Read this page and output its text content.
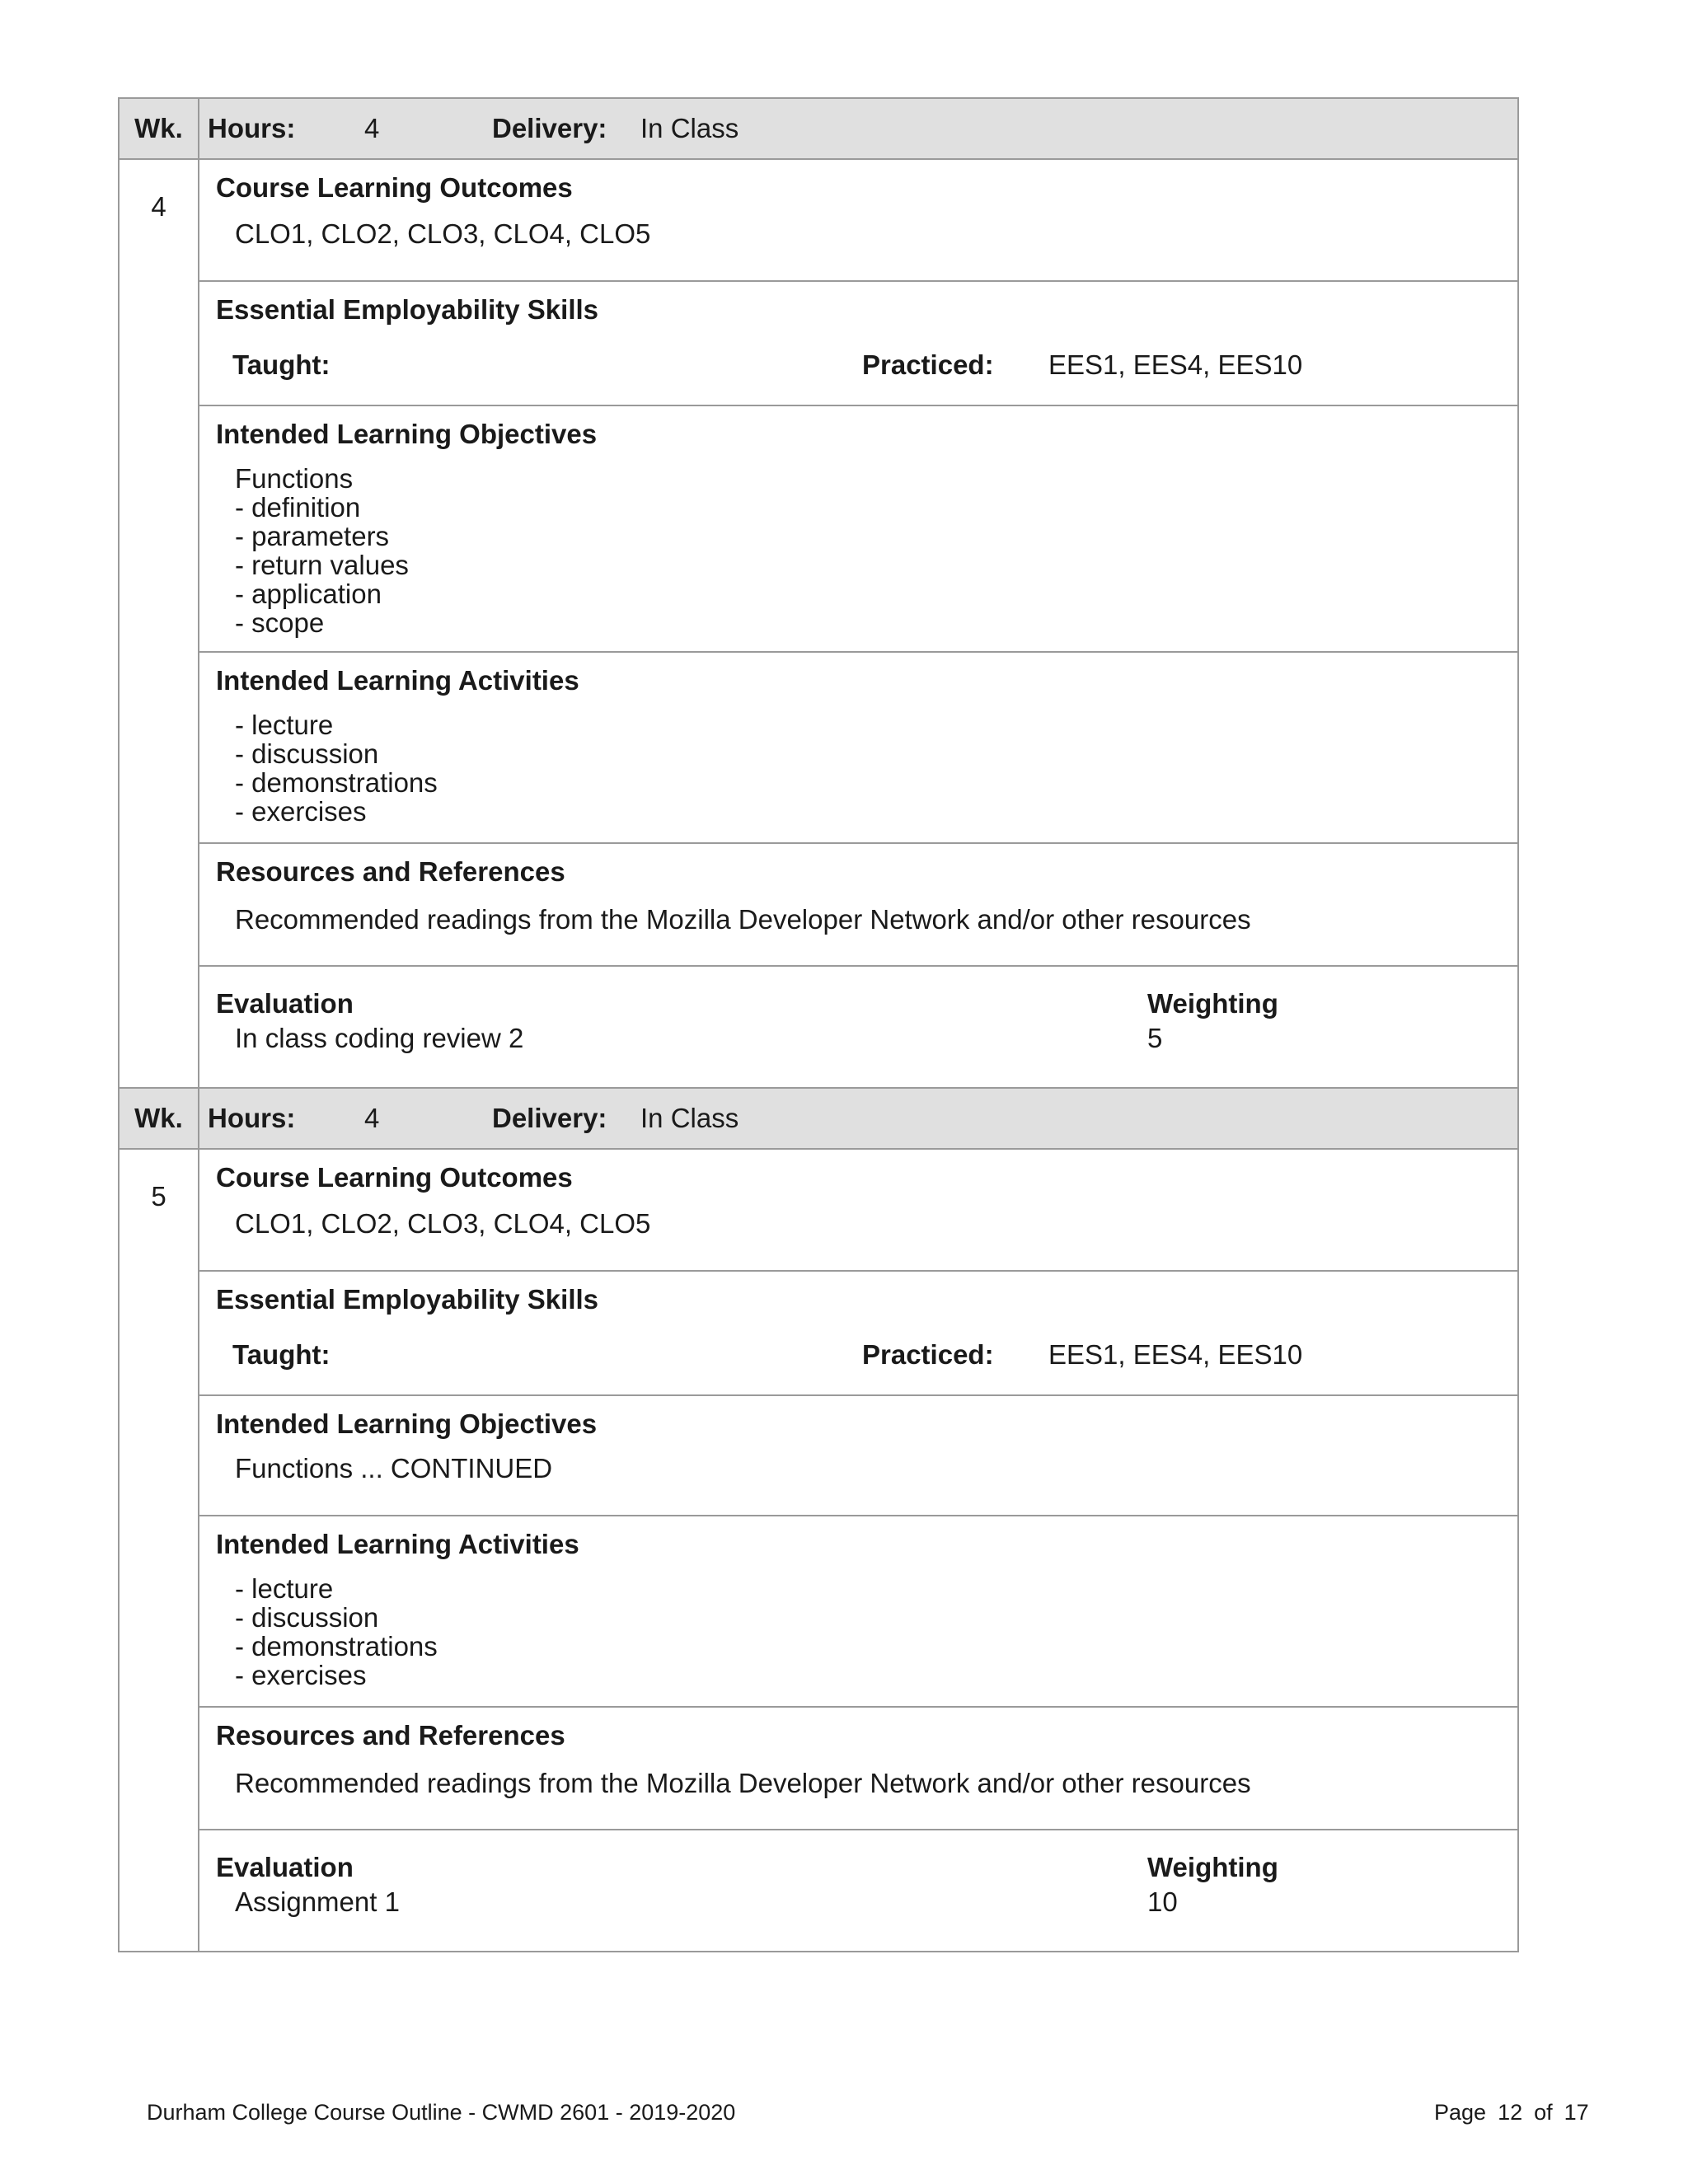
Wk. Hours:	4	Delivery:	In Class
4
Course Learning Outcomes
CLO1, CLO2, CLO3, CLO4, CLO5
Essential Employability Skills
Taught:	Practiced:	EES1, EES4, EES10
Intended Learning Objectives
Functions
- definition
- parameters
- return values
- application
- scope
Intended Learning Activities
- lecture
- discussion
- demonstrations
- exercises
Resources and References
Recommended readings from the Mozilla Developer Network and/or other resources
Evaluation	Weighting
In class coding review 2	5
Wk. Hours:	4	Delivery:	In Class
5
Course Learning Outcomes
CLO1, CLO2, CLO3, CLO4, CLO5
Essential Employability Skills
Taught:	Practiced:	EES1, EES4, EES10
Intended Learning Objectives
Functions ... CONTINUED
Intended Learning Activities
- lecture
- discussion
- demonstrations
- exercises
Resources and References
Recommended readings from the Mozilla Developer Network and/or other resources
Evaluation	Weighting
Assignment 1	10
Durham College Course Outline - CWMD 2601 - 2019-2020	Page 12 of 17
